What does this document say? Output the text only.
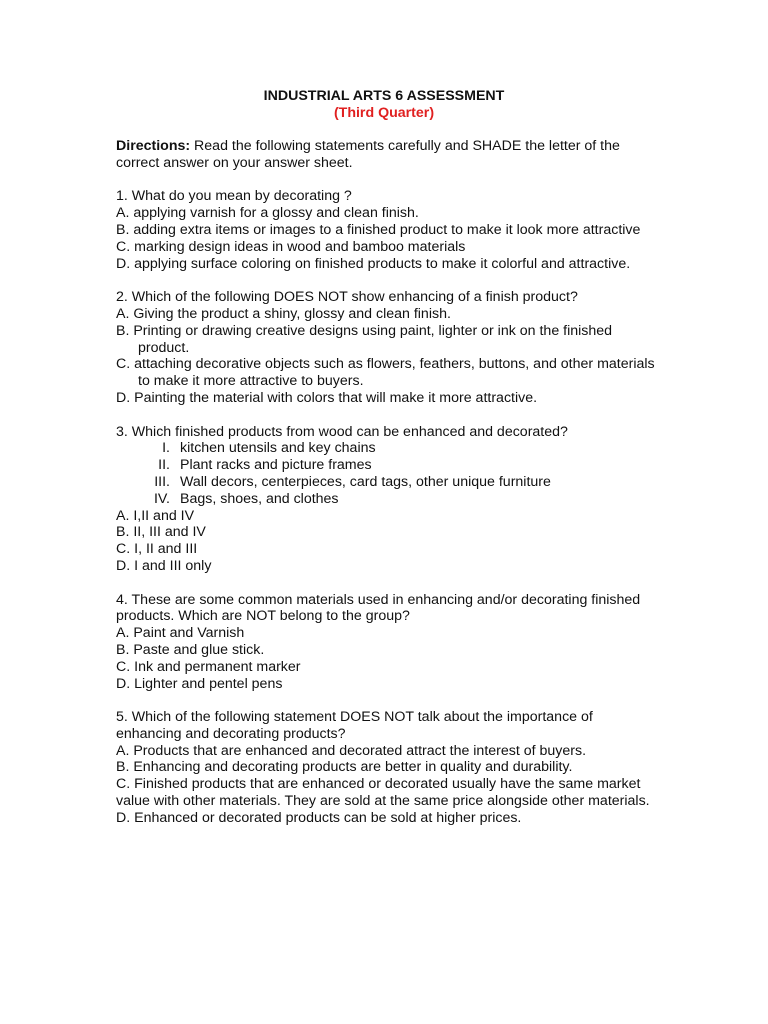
INDUSTRIAL ARTS 6 ASSESSMENT
(Third Quarter)

Directions: Read the following statements carefully and SHADE the letter of the correct answer on your answer sheet.

1. What do you mean by decorating ?
A. applying varnish for a glossy and clean finish.
B. adding extra items or images to a finished product to make it look more attractive
C. marking design ideas in wood and bamboo materials
D. applying surface coloring on finished products to make it colorful and attractive.
2. Which of the following DOES NOT show enhancing of a finish product?
A. Giving the product a shiny, glossy and clean finish.
B. Printing or drawing creative designs using paint, lighter or ink on the finished product.
C. attaching decorative objects such as flowers, feathers, buttons, and other materials to make it more attractive to buyers.
D. Painting the material with colors that will make it more attractive.
3. Which finished products from wood can be enhanced and decorated?
I. kitchen utensils and key chains
II. Plant racks and picture frames
III. Wall decors, centerpieces, card tags, other unique furniture
IV. Bags, shoes, and clothes
A. I,II and IV
B. II, III and IV
C. I, II and III
D. I and III only
4. These are some common materials used in enhancing and/or decorating finished products. Which are NOT belong to the group?
A. Paint and Varnish
B. Paste and glue stick.
C. Ink and permanent marker
D. Lighter and pentel pens
5. Which of the following statement DOES NOT talk about the importance of enhancing and decorating products?
A. Products that are enhanced and decorated attract the interest of buyers.
B. Enhancing and decorating products are better in quality and durability.
C. Finished products that are enhanced or decorated usually have the same market value with other materials. They are sold at the same price alongside other materials.
D. Enhanced or decorated products can be sold at higher prices.
